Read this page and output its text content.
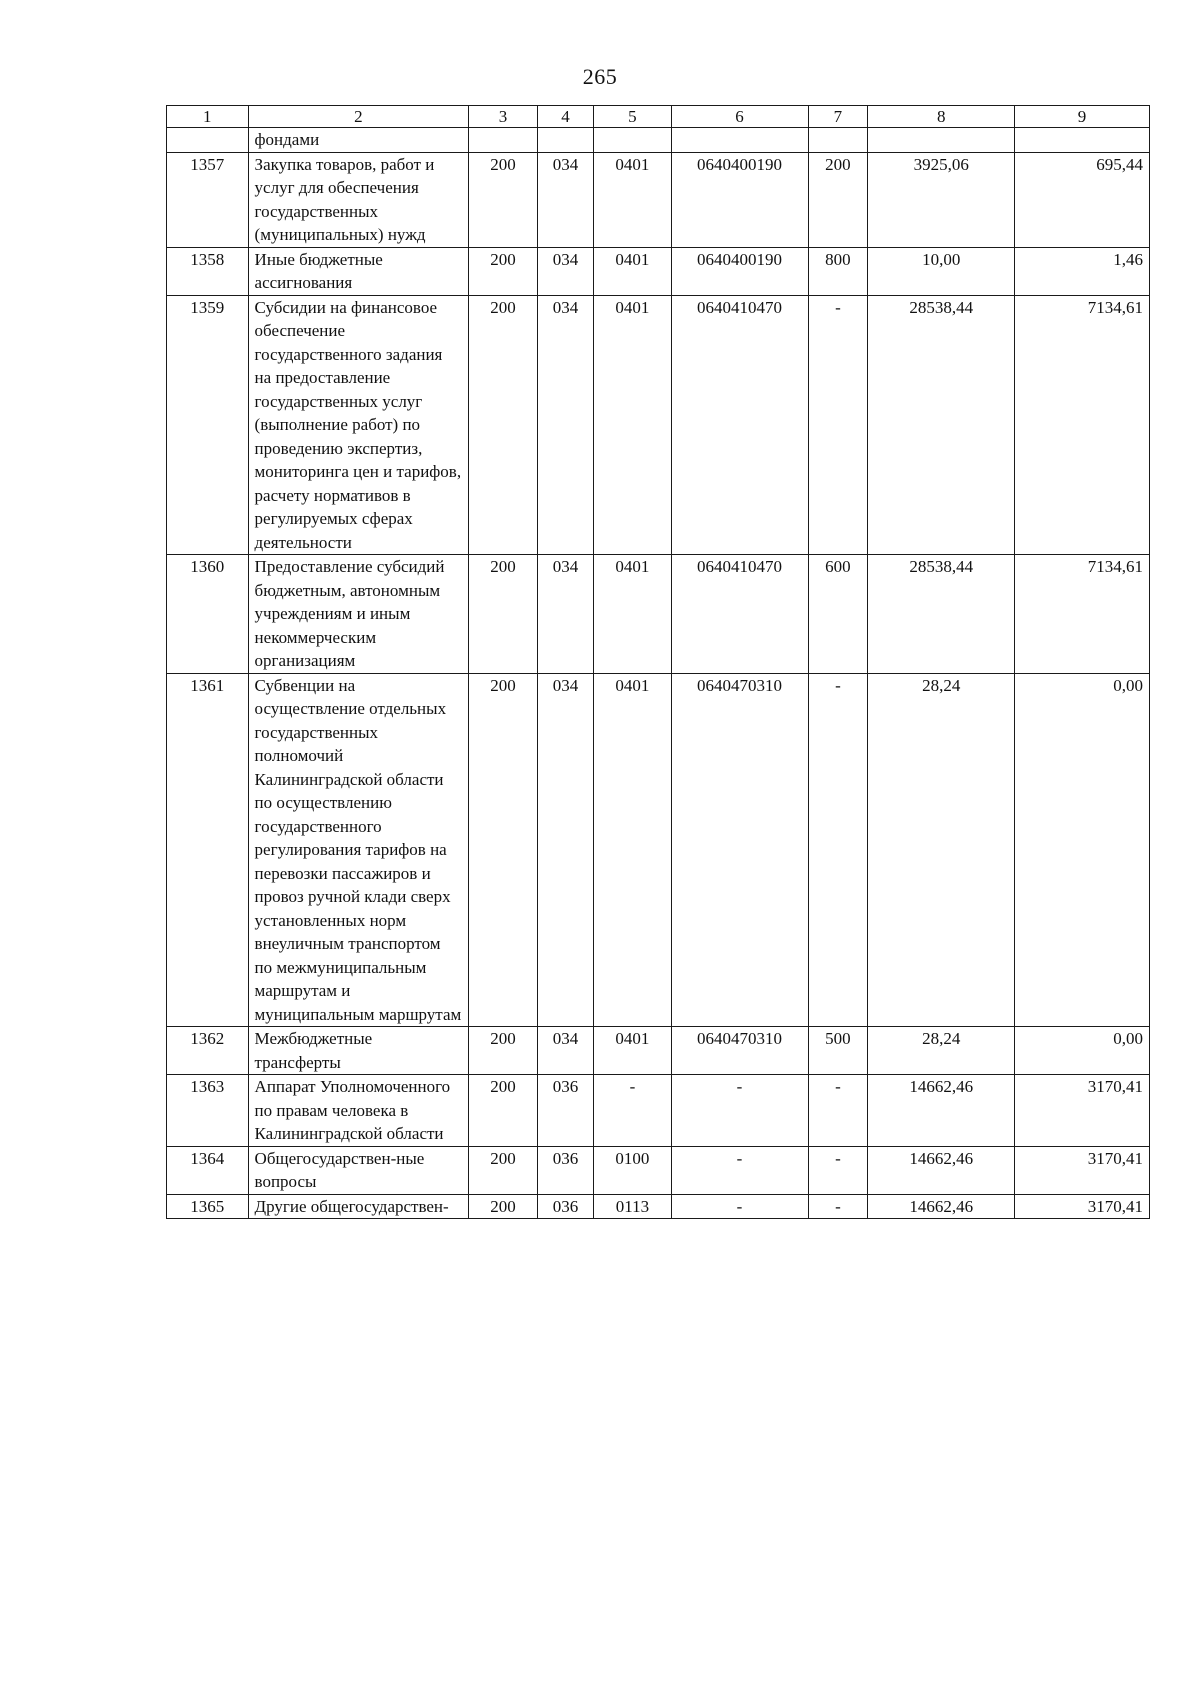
265
1	2	3	4	5	6	7	8	9
	фондами							
1357	Закупка товаров, работ и услуг для обеспечения государственных (муниципальных) нужд	200	034	0401	0640400190	200	3925,06	695,44
1358	Иные бюджетные ассигнования	200	034	0401	0640400190	800	10,00	1,46
1359	Субсидии на финансовое обеспечение государственного задания на предоставление государственных услуг (выполнение работ) по проведению экспертиз, мониторинга цен и тарифов, расчету нормативов в регулируемых сферах деятельности	200	034	0401	0640410470	-	28538,44	7134,61
1360	Предоставление субсидий бюджетным, автономным учреждениям и иным некоммерческим организациям	200	034	0401	0640410470	600	28538,44	7134,61
1361	Субвенции на осуществление отдельных государственных полномочий Калининградской области по осуществлению государственного регулирования тарифов на перевозки пассажиров и провоз ручной клади сверх установленных норм внеуличным транспортом по межмуниципальным маршрутам и муниципальным маршрутам	200	034	0401	0640470310	-	28,24	0,00
1362	Межбюджетные трансферты	200	034	0401	0640470310	500	28,24	0,00
1363	Аппарат Уполномоченного по правам человека в Калининградской области	200	036	-	-	-	14662,46	3170,41
1364	Общегосударствен-ные вопросы	200	036	0100	-	-	14662,46	3170,41
1365	Другие общегосударствен-	200	036	0113	-	-	14662,46	3170,41
